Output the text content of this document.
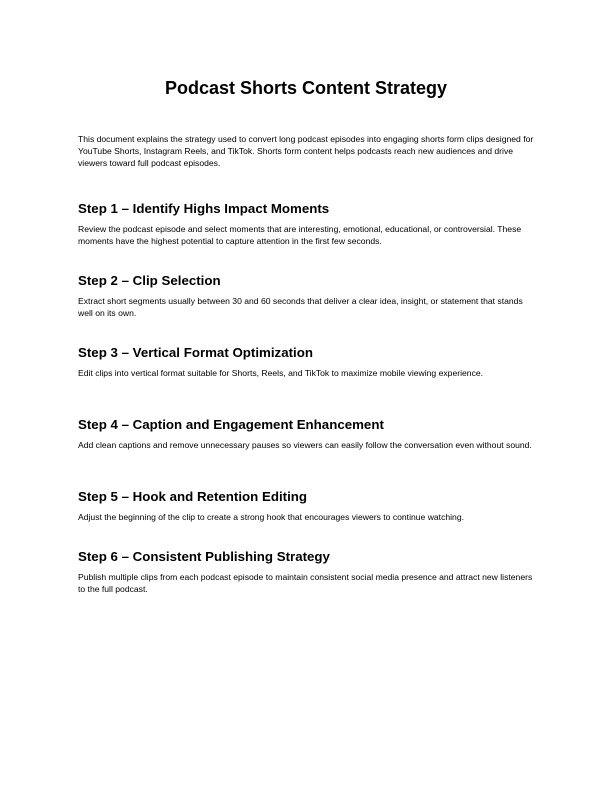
Podcast Shorts Content Strategy

This document explains the strategy used to convert long podcast episodes into engaging shorts form clips designed for YouTube Shorts, Instagram Reels, and TikTok. Shorts form content helps podcasts reach new audiences and drive viewers toward full podcast episodes.

Step 1 – Identify Highs Impact Moments

Review the podcast episode and select moments that are interesting, emotional, educational, or controversial. These moments have the highest potential to capture attention in the first few seconds.

Step 2 – Clip Selection

Extract short segments usually between 30 and 60 seconds that deliver a clear idea, insight, or statement that stands well on its own.

Step 3 – Vertical Format Optimization

Edit clips into vertical format suitable for Shorts, Reels, and TikTok to maximize mobile viewing experience.

Step 4 – Caption and Engagement Enhancement

Add clean captions and remove unnecessary pauses so viewers can easily follow the conversation even without sound.

Step 5 – Hook and Retention Editing

Adjust the beginning of the clip to create a strong hook that encourages viewers to continue watching.

Step 6 – Consistent Publishing Strategy

Publish multiple clips from each podcast episode to maintain consistent social media presence and attract new listeners to the full podcast.
